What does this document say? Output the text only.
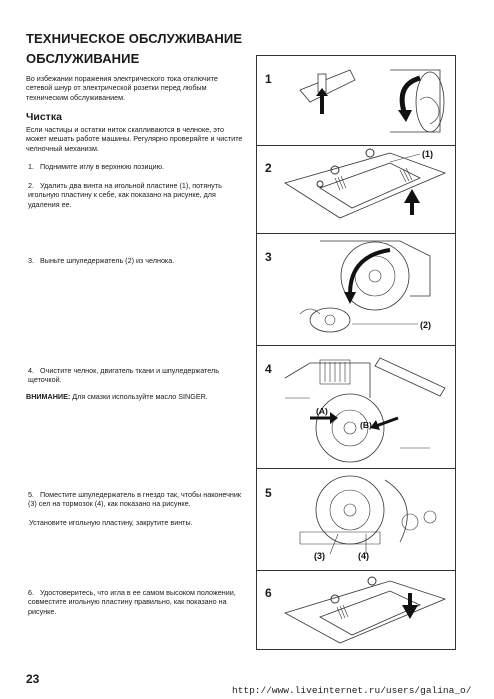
ТЕХНИЧЕСКОЕ ОБСЛУЖИВАНИЕ
ОБСЛУЖИВАНИЕ
Во избежании поражения электрического тока отключите сетевой шнур от электрической розетки перед любым техническим обслуживанием.
Чистка
Если частицы и остатки ниток скапливаются в челноке, это может мешать работе машины. Регулярно проверяйте и чистите челночный механизм.
1. Поднимите иглу в верхнюю позицию.
2. Удалить два винта на игольной пластине (1), потянуть игольную пластину к себе, как показано на рисунке, для удаления ее.
3. Выньте шпуледержатель (2) из челнока.
4. Очистите челнок, двигатель ткани и шпуледержатель щеточкой.
ВНИМАНИЕ: Для смазки используйте масло SINGER.
5. Поместите шпуледержатель в гнездо так, чтобы наконечник (3) сел на тормозок (4), как показано на рисунке.
Установите игольную пластину, закрутите винты.
6. Удостоверитесь, что игла в ее самом высоком положении, совместите игольную пластину правильно, как показано на рисунке.
1
2
3
4
5
6
(1)
(2)
(A)
(B)
(3)	(4)
23
http://www.liveinternet.ru/users/galina_o/
